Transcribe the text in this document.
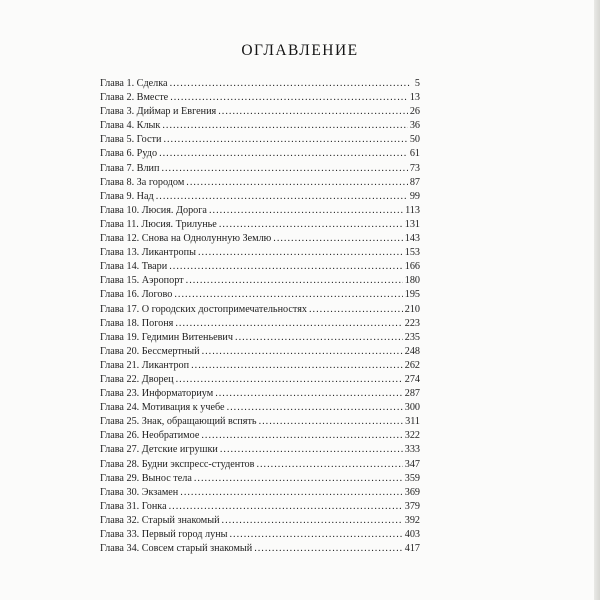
ОГЛАВЛЕНИЕ
Глава 1. Сделка .....	5
Глава 2. Вместе .....	13
Глава 3. Диймар и Евгения .....	26
Глава 4. Клык .....	36
Глава 5. Гости .....	50
Глава 6. Рудо .....	61
Глава 7. Влип .....	73
Глава 8. За городом .....	87
Глава 9. Над .....	99
Глава 10. Люсия. Дорога .....	113
Глава 11. Люсия. Трилунье .....	131
Глава 12. Снова на Однолунную Землю .....	143
Глава 13. Ликантропы .....	153
Глава 14. Твари .....	166
Глава 15. Аэропорт .....	180
Глава 16. Логово .....	195
Глава 17. О городских достопримечательностях .....	210
Глава 18. Погоня .....	223
Глава 19. Гедимин Витеньевич .....	235
Глава 20. Бессмертный .....	248
Глава 21. Ликантроп .....	262
Глава 22. Дворец .....	274
Глава 23. Информаториум .....	287
Глава 24. Мотивация к учебе .....	300
Глава 25. Знак, обращающий вспять .....	311
Глава 26. Необратимое .....	322
Глава 27. Детские игрушки .....	333
Глава 28. Будни экспресс-студентов .....	347
Глава 29. Вынос тела .....	359
Глава 30. Экзамен .....	369
Глава 31. Гонка .....	379
Глава 32. Старый знакомый .....	392
Глава 33. Первый город луны .....	403
Глава 34. Совсем старый знакомый .....	417
